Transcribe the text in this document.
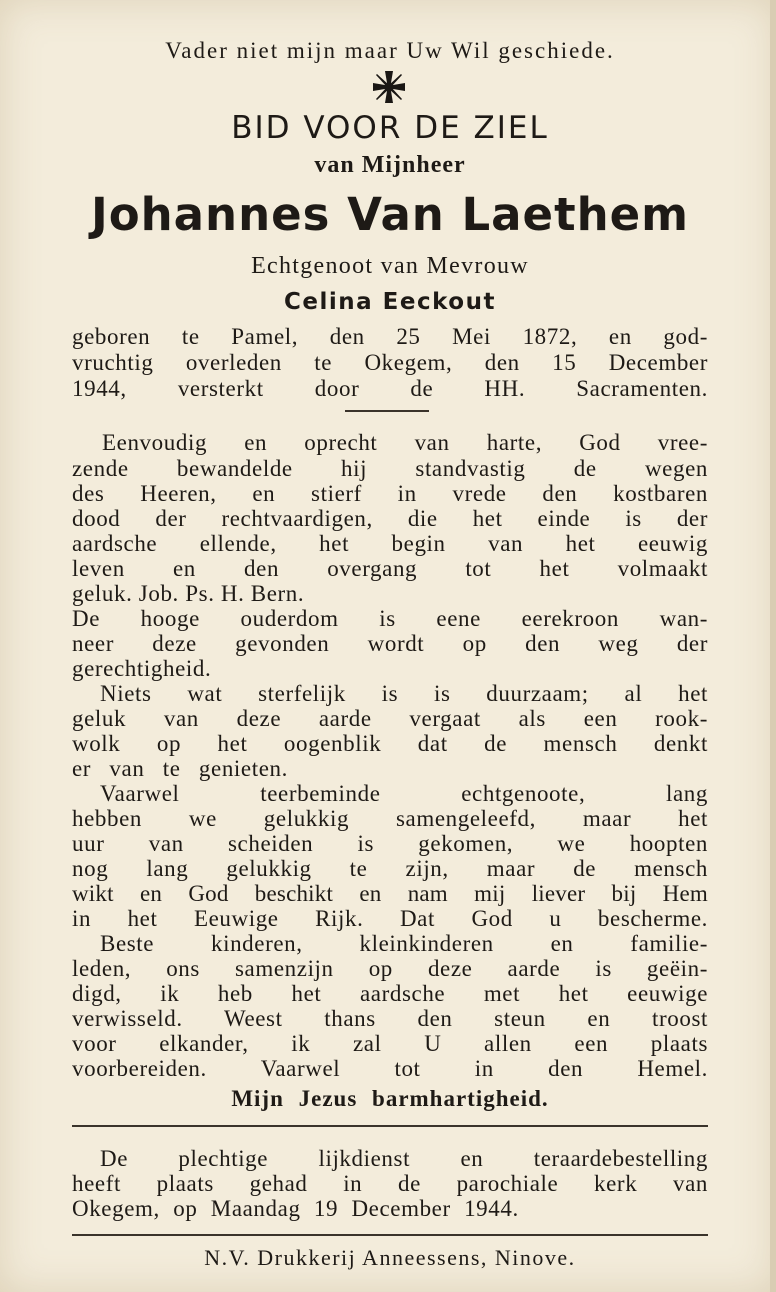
Vader niet mijn maar Uw Wil geschiede.
BID VOOR DE ZIEL
van Mijnheer
Johannes Van Laethem
Echtgenoot van Mevrouw
Celina Eeckout
geboren te Pamel, den 25 Mei 1872, en god-
vruchtig overleden te Okegem, den 15 December
1944, versterkt door de HH. Sacramenten.
Eenvoudig en oprecht van harte, God vree-
zende bewandelde hij standvastig de wegen
des Heeren, en stierf in vrede den kostbaren
dood der rechtvaardigen, die het einde is der
aardsche ellende, het begin van het eeuwig
leven en den overgang tot het volmaakt
geluk. Job. Ps. H. Bern.
De hooge ouderdom is eene eerekroon wan-
neer deze gevonden wordt op den weg der
gerechtigheid.
Niets wat sterfelijk is is duurzaam; al het
geluk van deze aarde vergaat als een rook-
wolk op het oogenblik dat de mensch denkt
er van te genieten.
Vaarwel teerbeminde echtgenoote, lang
hebben we gelukkig samengeleefd, maar het
uur van scheiden is gekomen, we hoopten
nog lang gelukkig te zijn, maar de mensch
wikt en God beschikt en nam mij liever bij Hem
in het Eeuwige Rijk. Dat God u bescherme.
Beste kinderen, kleinkinderen en familie-
leden, ons samenzijn op deze aarde is geëin-
digd, ik heb het aardsche met het eeuwige
verwisseld. Weest thans den steun en troost
voor elkander, ik zal U allen een plaats
voorbereiden. Vaarwel tot in den Hemel.
Mijn Jezus barmhartigheid.
De plechtige lijkdienst en teraardebestelling
heeft plaats gehad in de parochiale kerk van
Okegem, op Maandag 19 December 1944.
N.V. Drukkerij Anneessens, Ninove.
